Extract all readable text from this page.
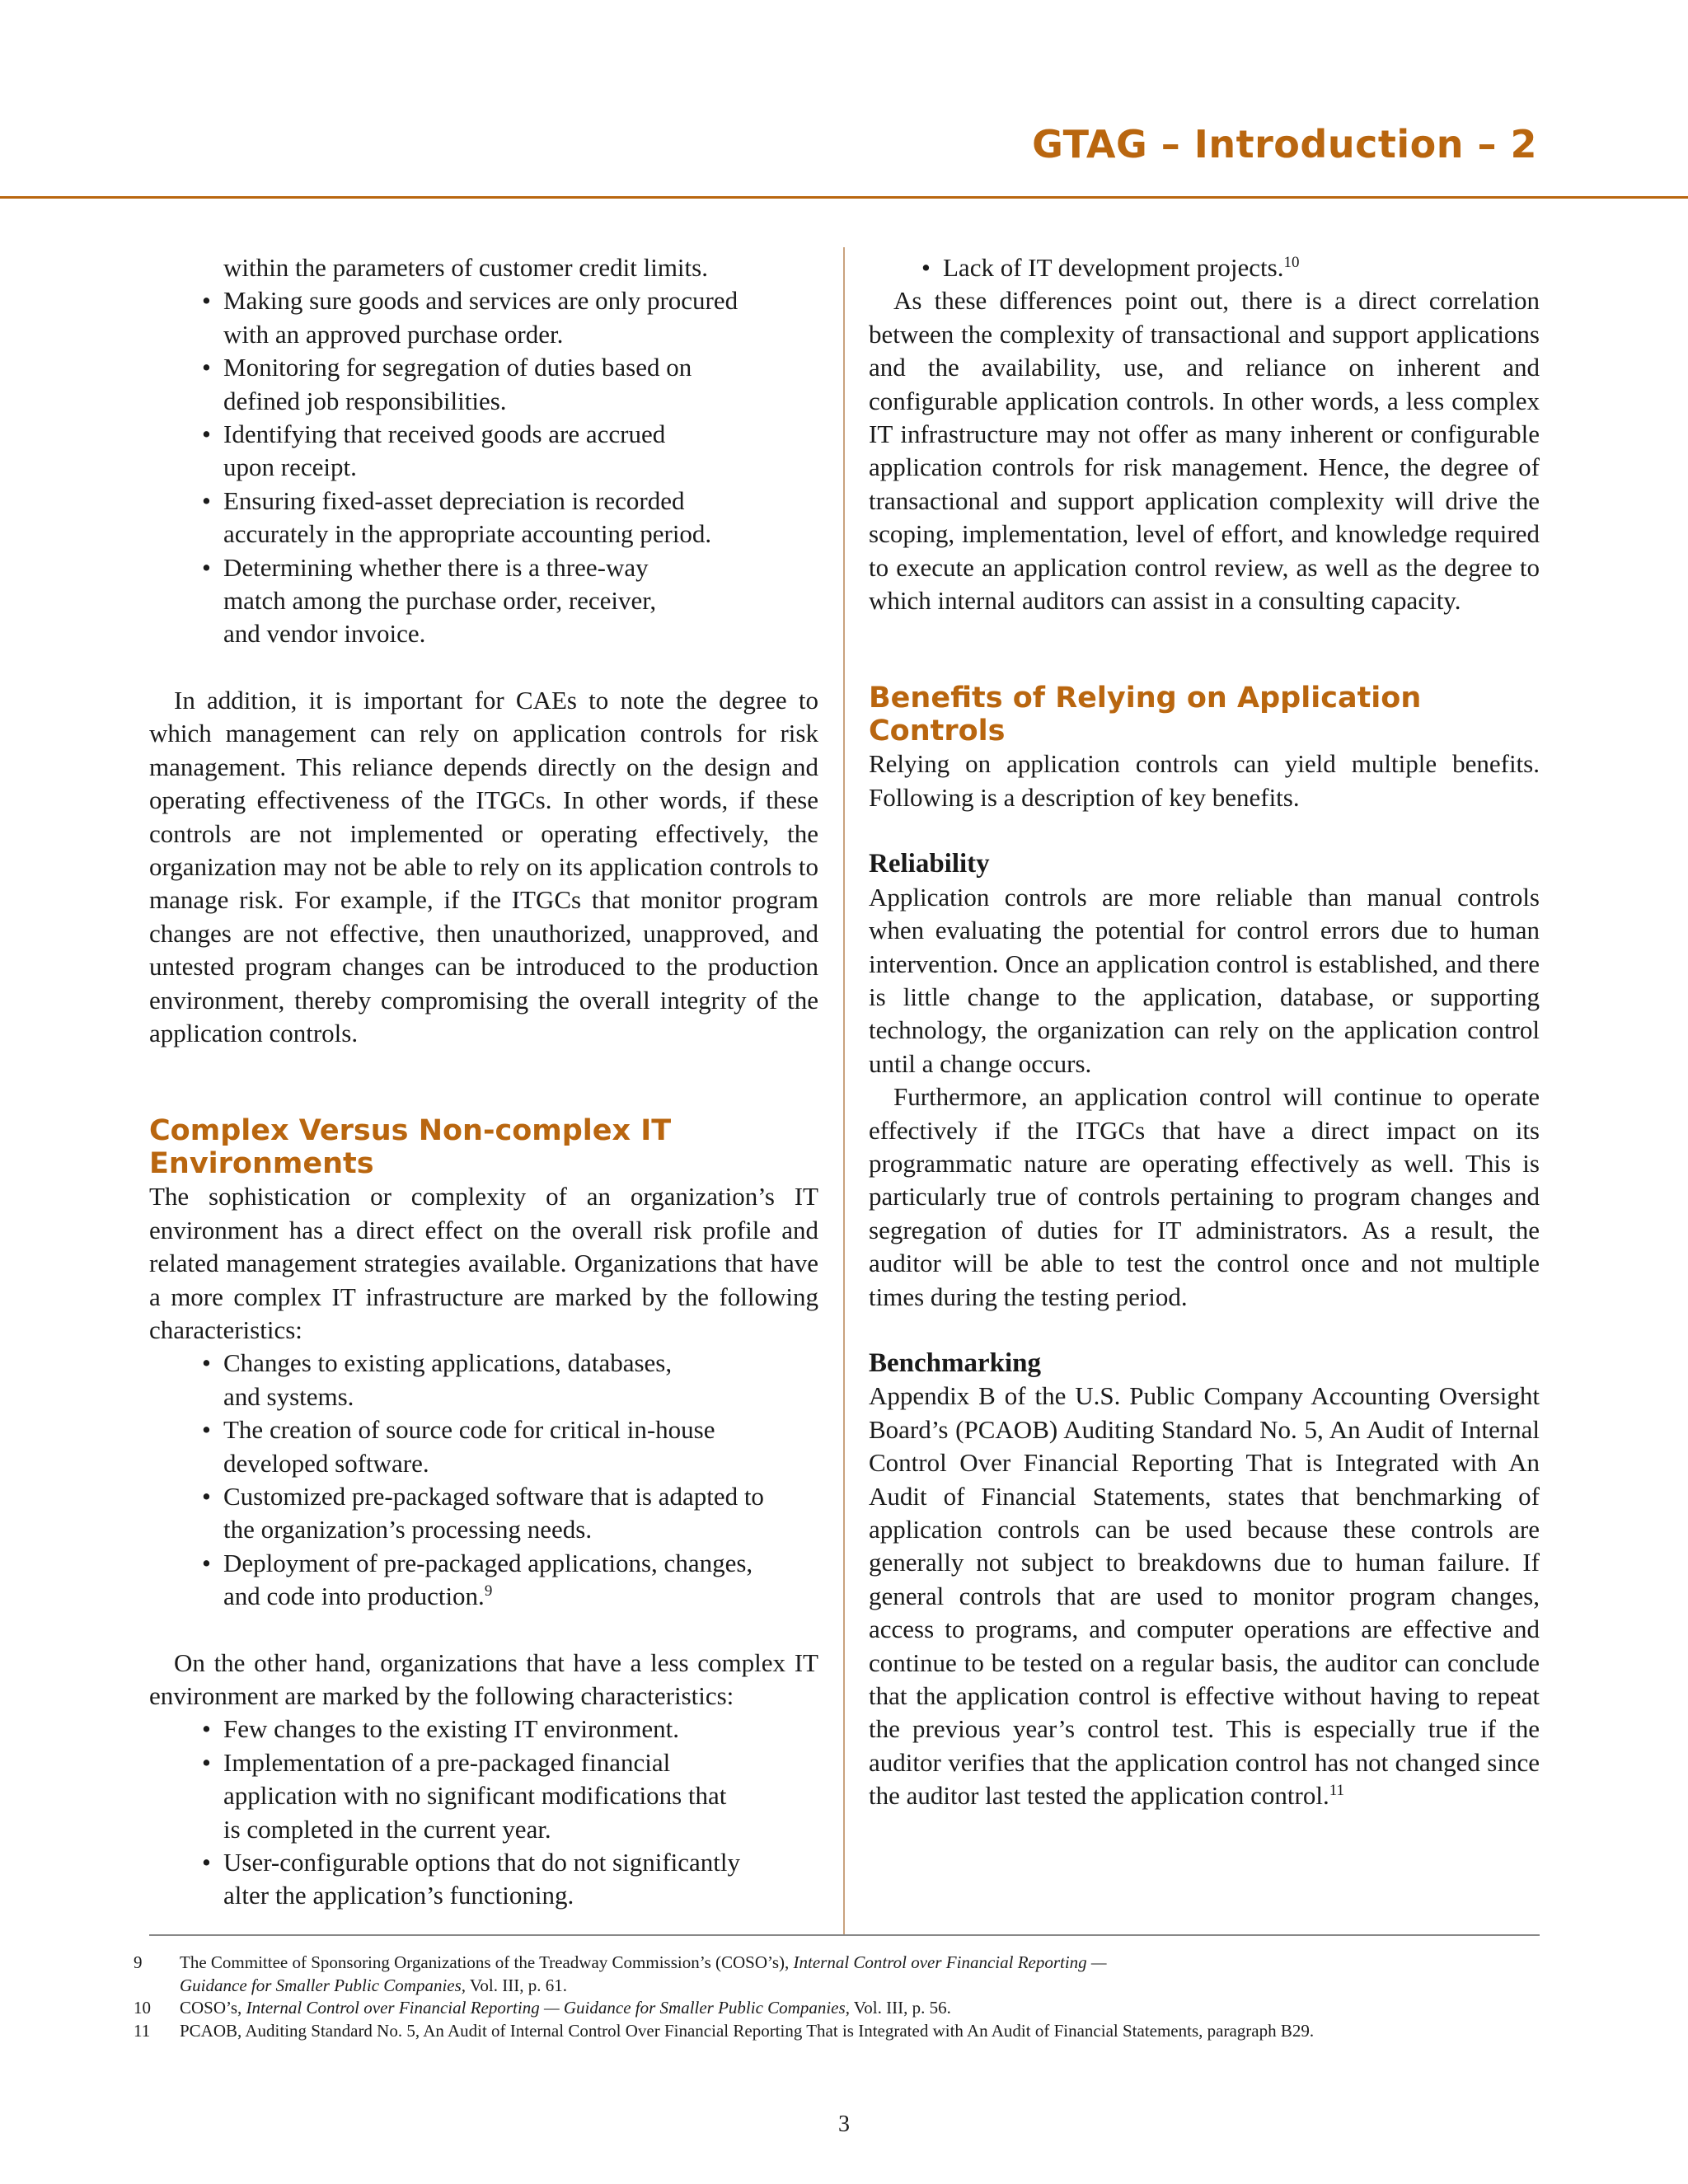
GTAG – Introduction – 2
within the parameters of customer credit limits.
• Making sure goods and services are only procured
with an approved purchase order.
• Monitoring for segregation of duties based on
defined job responsibilities.
• Identifying that received goods are accrued
upon receipt.
• Ensuring fixed-asset depreciation is recorded
accurately in the appropriate accounting period.
• Determining whether there is a three-way
match among the purchase order, receiver,
and vendor invoice.

In addition, it is important for CAEs to note the degree to which management can rely on application controls for risk management. This reliance depends directly on the design and operating effectiveness of the ITGCs. In other words, if these controls are not implemented or operating effectively, the organization may not be able to rely on its application controls to manage risk. For example, if the ITGCs that monitor program changes are not effective, then unauthorized, unapproved, and untested program changes can be introduced to the production environment, thereby compromising the overall integrity of the application controls.

Complex Versus Non-complex IT
Environments

The sophistication or complexity of an organization’s IT environment has a direct effect on the overall risk profile and related management strategies available. Organizations that have a more complex IT infrastructure are marked by the following characteristics:

• Changes to existing applications, databases,
and systems.
• The creation of source code for critical in-house
developed software.
• Customized pre-packaged software that is adapted to
the organization’s processing needs.
• Deployment of pre-packaged applications, changes,
and code into production.$^9$

On the other hand, organizations that have a less complex IT environment are marked by the following characteristics:

• Few changes to the existing IT environment.
• Implementation of a pre-packaged financial
application with no significant modifications that
is completed in the current year.
• User-configurable options that do not significantly
alter the application’s functioning.
• Lack of IT development projects.$^{10}$

As these differences point out, there is a direct correlation between the complexity of transactional and support applications and the availability, use, and reliance on inherent and configurable application controls. In other words, a less complex IT infrastructure may not offer as many inherent or configurable application controls for risk management. Hence, the degree of transactional and support application complexity will drive the scoping, implementation, level of effort, and knowledge required to execute an application control review, as well as the degree to which internal auditors can assist in a consulting capacity.

Benefits of Relying on Application Controls

Relying on application controls can yield multiple benefits. Following is a description of key benefits.

Reliability

Application controls are more reliable than manual controls when evaluating the potential for control errors due to human intervention. Once an application control is established, and there is little change to the application, database, or supporting technology, the organization can rely on the application control until a change occurs.

Furthermore, an application control will continue to operate effectively if the ITGCs that have a direct impact on its programmatic nature are operating effectively as well. This is particularly true of controls pertaining to program changes and segregation of duties for IT administrators. As a result, the auditor will be able to test the control once and not multiple times during the testing period.

Benchmarking

Appendix B of the U.S. Public Company Accounting Oversight Board’s (PCAOB) Auditing Standard No. 5, An Audit of Internal Control Over Financial Reporting That is Integrated with An Audit of Financial Statements, states that benchmarking of application controls can be used because these controls are generally not subject to breakdowns due to human failure. If general controls that are used to monitor program changes, access to programs, and computer operations are effective and continue to be tested on a regular basis, the auditor can conclude that the application control is effective without having to repeat the previous year’s control test. This is especially true if the auditor verifies that the application control has not changed since the auditor last tested the application control.$^{11}$

9 The Committee of Sponsoring Organizations of the Treadway Commission’s (COSO’s), Internal Control over Financial Reporting —
Guidance for Smaller Public Companies, Vol. III, p. 61.

10 COSO’s, Internal Control over Financial Reporting — Guidance for Smaller Public Companies, Vol. III, p. 56.

11 PCAOB, Auditing Standard No. 5, An Audit of Internal Control Over Financial Reporting That is Integrated with An Audit of Financial Statements, paragraph B29.

3
